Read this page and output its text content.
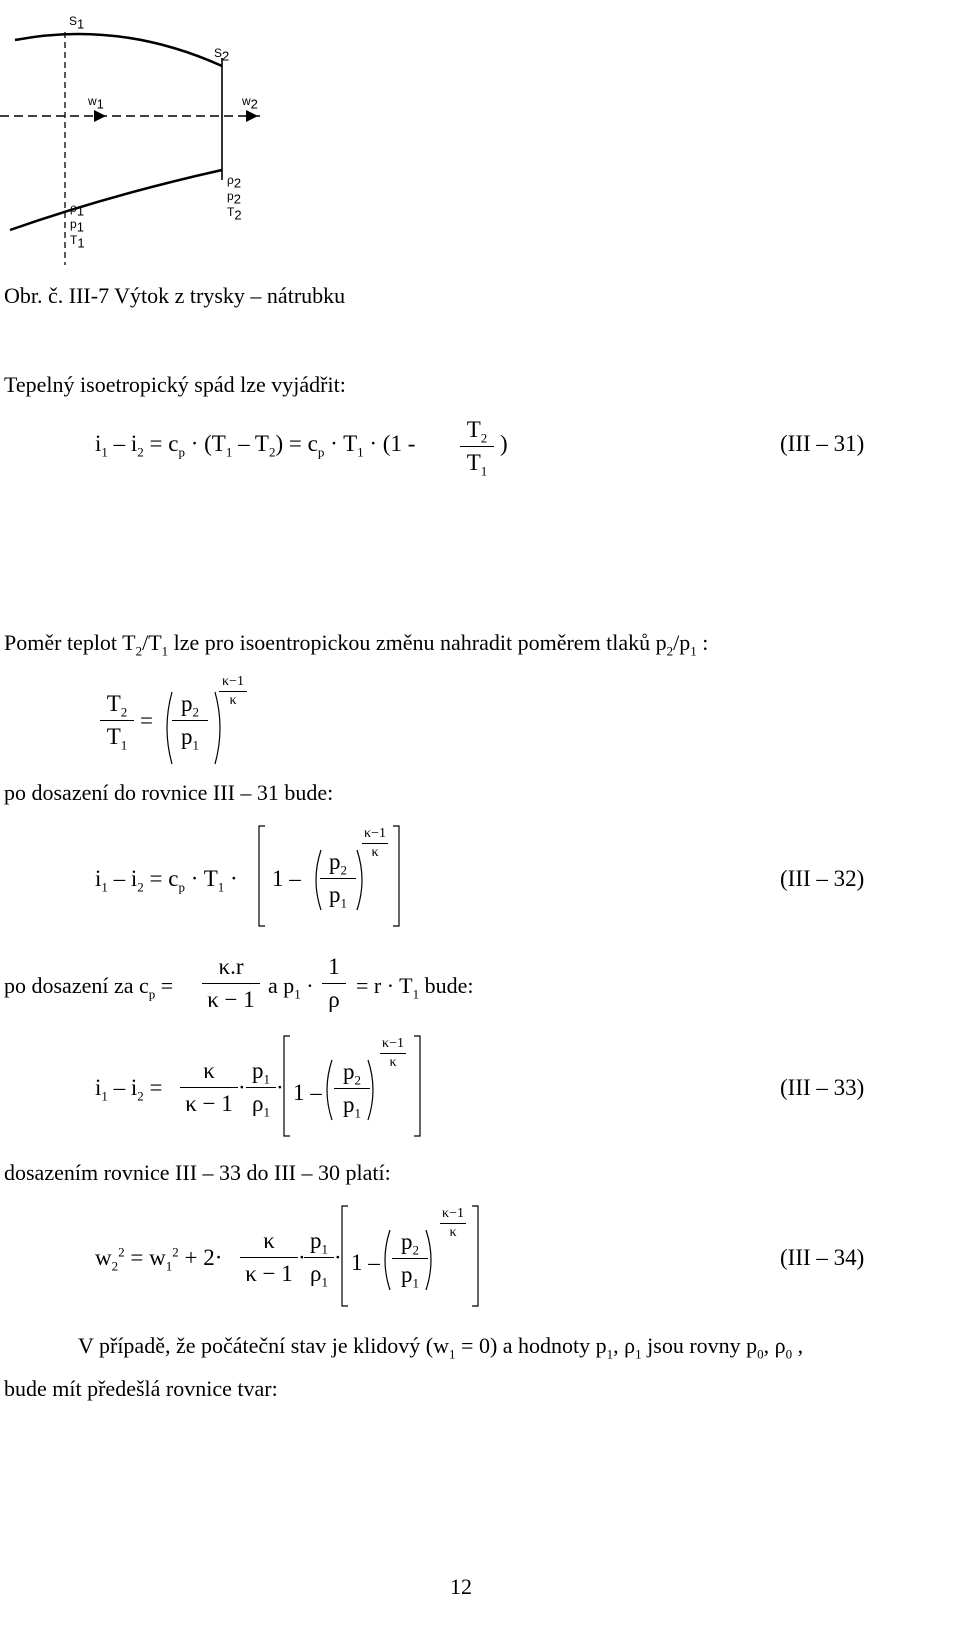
$S_1$
$S_2$
$w_1$	$w_2$
$\rho_1$
$p_1$
$T_1$
$\rho_2$
$p_2$
$T_2$
Obr. č. III-7 Výtok z trysky – nátrubku
Tepelný isoetropický spád lze vyjádřit:
$i_1 - i_2 = c_p \cdot (T_1 - T_2) = c_p \cdot T_1 \cdot (1$ -
$T_2$
$T_1$
)	(III – 31)
Poměr teplot $T_2/T_1$ lze pro isoentropickou změnu nahradit poměrem tlaků $p_2/p_1$ :
$T_2$
$T_1$
=
$p_2$
$p_1$
κ−1
κ
po dosazení do rovnice III – 31 bude:
$i_1 - i_2 = c_p \cdot T_1 \cdot 1$ –
$p_2$
$p_1$
κ−1
κ
(III – 32)
po dosazení za $c_p$ =
κ.r
κ − 1
a $p_1$ ·
1
ρ
= $r \cdot T_1$ bude:
$i_1 - i_2$ =
κ
κ − 1
·
$p_1$
$\rho_1$
· 1 –
$p_2$
$p_1$
κ−1
κ
(III – 33)
dosazením rovnice III – 33 do III – 30 platí:
$w_2^2 = w_1^2 + 2\cdot$
κ
κ − 1
·
$p_1$
$\rho_1$
· 1 –
$p_2$
$p_1$
κ−1
κ
(III – 34)
V případě, že počáteční stav je klidový $(w_1 = 0)$ a hodnoty $p_1$, $\rho_1$ jsou rovny $p_0$, $\rho_0$ ,
bude mít předešlá rovnice tvar:
12
